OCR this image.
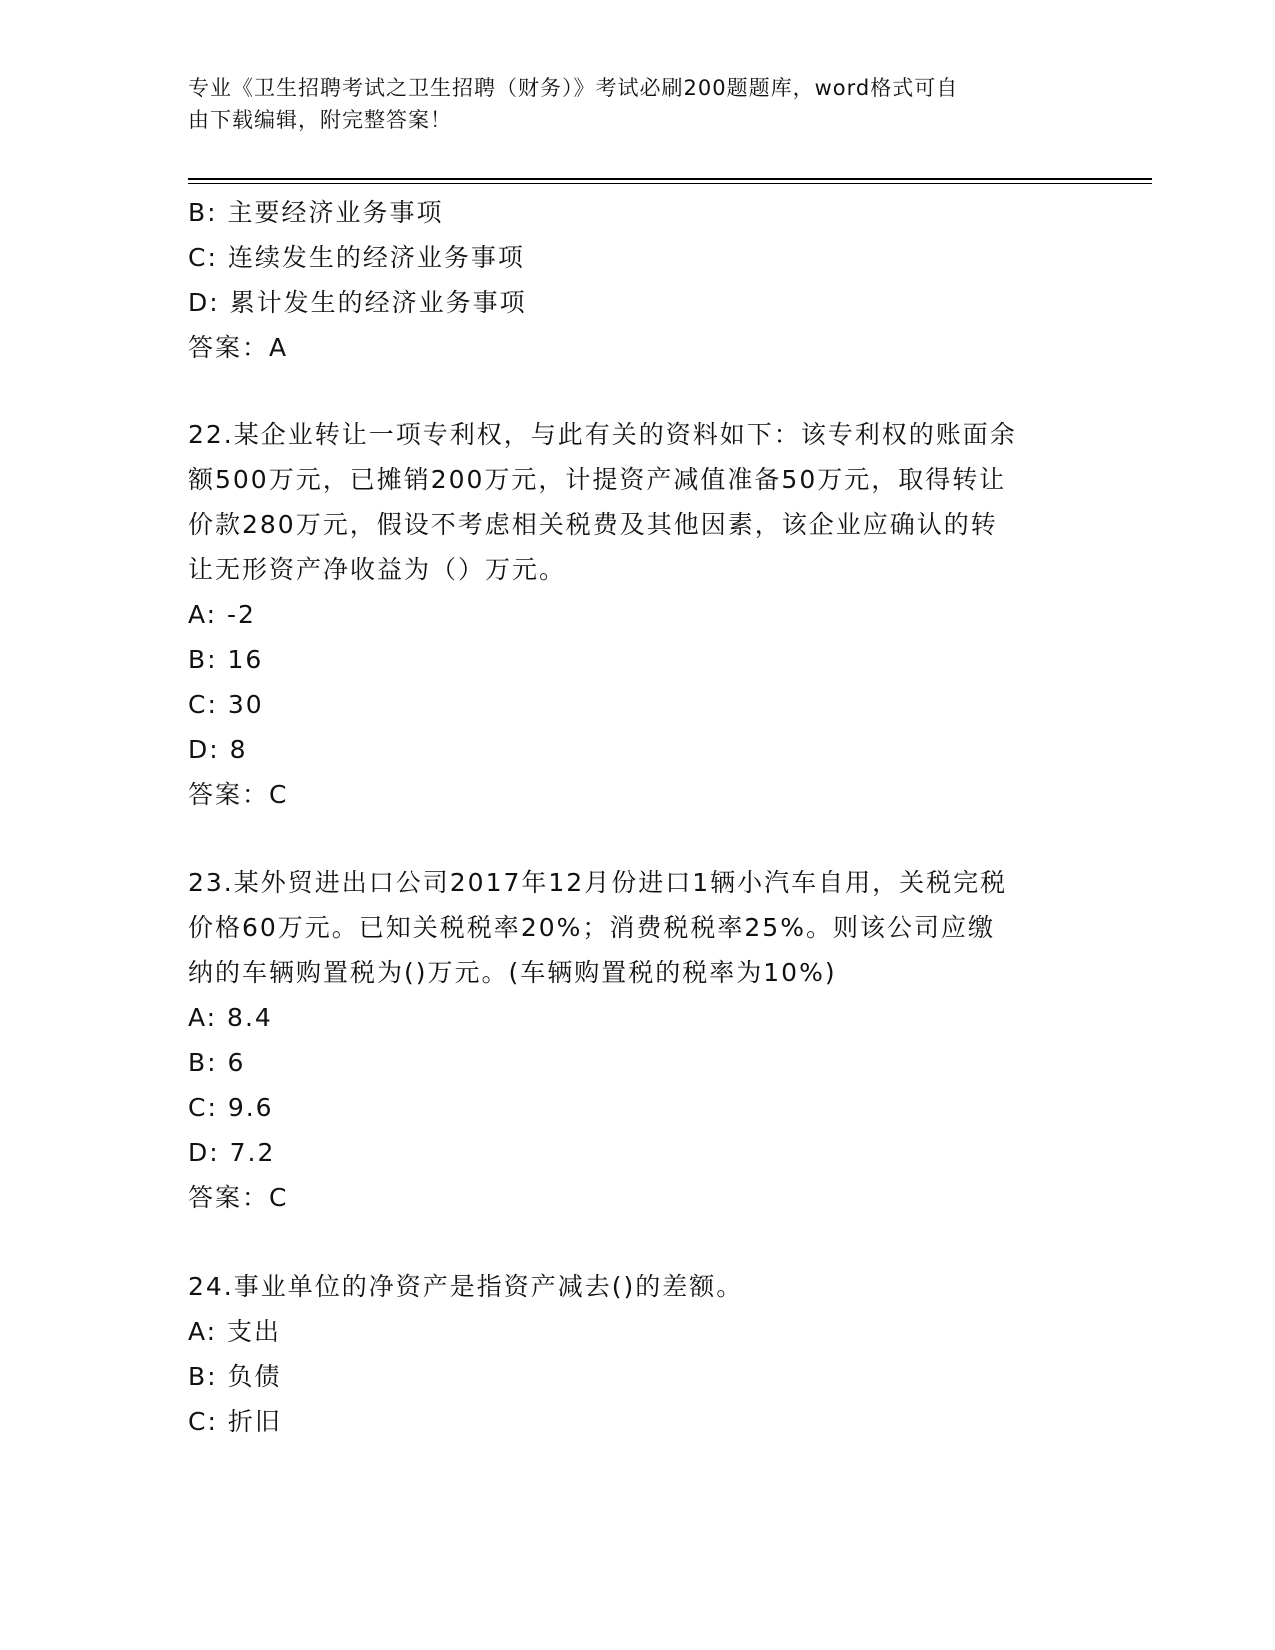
专业《卫生招聘考试之卫生招聘（财务）》考试必刷200题题库，word格式可自
由下载编辑，附完整答案！
B: 主要经济业务事项
C: 连续发生的经济业务事项
D: 累计发生的经济业务事项
答案：A
22.某企业转让一项专利权，与此有关的资料如下：该专利权的账面余
额500万元，已摊销200万元，计提资产减值准备50万元，取得转让
价款280万元，假设不考虑相关税费及其他因素，该企业应确认的转
让无形资产净收益为（）万元。
A: -2
B: 16
C: 30
D: 8
答案：C
23.某外贸进出口公司2017年12月份进口1辆小汽车自用，关税完税
价格60万元。已知关税税率20%；消费税税率25%。则该公司应缴
纳的车辆购置税为()万元。(车辆购置税的税率为10%)
A: 8.4
B: 6
C: 9.6
D: 7.2
答案：C
24.事业单位的净资产是指资产减去()的差额。
A: 支出
B: 负债
C: 折旧
